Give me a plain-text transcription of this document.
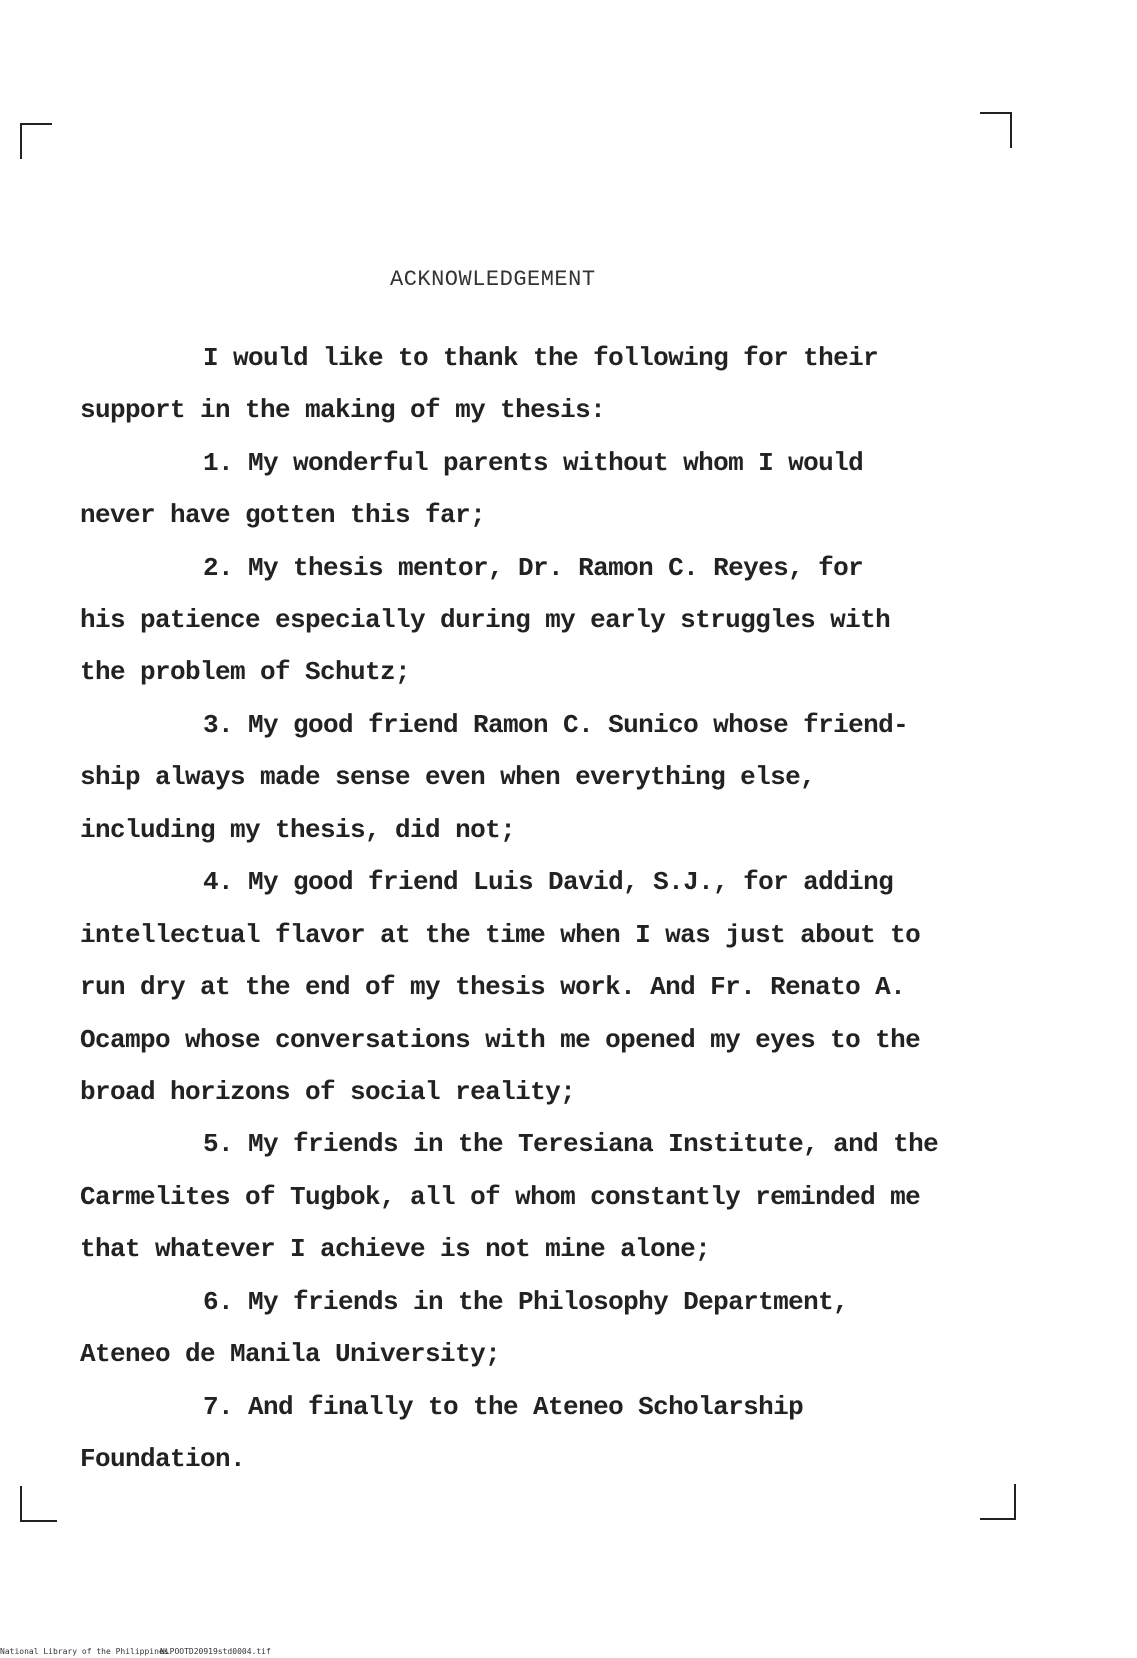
ACKNOWLEDGEMENT
I would like to thank the following for their
support in the making of my thesis:
1. My wonderful parents without whom I would
never have gotten this far;
2. My thesis mentor, Dr. Ramon C. Reyes, for
his patience especially during my early struggles with
the problem of Schutz;
3. My good friend Ramon C. Sunico whose friend-
ship always made sense even when everything else,
including my thesis, did not;
4. My good friend Luis David, S.J., for adding
intellectual flavor at the time when I was just about to
run dry at the end of my thesis work. And Fr. Renato A.
Ocampo whose conversations with me opened my eyes to the
broad horizons of social reality;
5. My friends in the Teresiana Institute, and the
Carmelites of Tugbok, all of whom constantly reminded me
that whatever I achieve is not mine alone;
6. My friends in the Philosophy Department,
Ateneo de Manila University;
7. And finally to the Ateneo Scholarship
Foundation.
National Library of the Philippines
NLPOOTD20919std0004.tif
